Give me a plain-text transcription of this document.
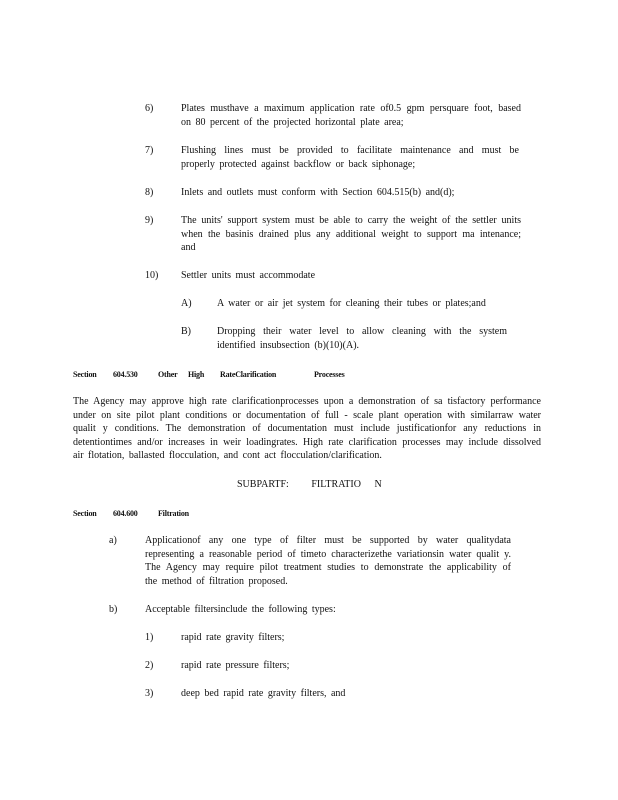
6)	Plates musthave a maximum application rate of0.5 gpm persquare foot, based on 80 percent of the projected horizontal plate area;
7)	Flushing lines must be provided to facilitate maintenance and must be properly protected against backflow or back siphonage;
8)	Inlets and outlets must conform with Section 604.515(b) and(d);
9)	The units' support system must be able to carry the weight of the settler units when the basinis drained plus any additional weight to support ma intenance; and
10) Settler units must accommodate
A)	A water or air jet system for cleaning their tubes or plates;and
B)	Dropping their water level to allow cleaning with the system identified insubsection (b)(10)(A).
Section 604.530	Other High RateClarification	Processes
The Agency may approve high rate clarificationprocesses upon a demonstration of sa tisfactory performance under on site pilot plant conditions or documentation of full - scale plant operation with similarraw water qualit y conditions. The demonstration of documentation must include justificationfor any reductions in detentiontimes and/or increases in weir loadingrates. High rate clarification processes may include dissolved air flotation, ballasted flocculation, and cont act flocculation/clarification.
SUBPARTF:     FILTRATIO   N
Section 604.600	Filtration
a)	Applicationof any one type of filter must be supported by water qualitydata representing a reasonable period of timeto characterizethe variationsin water qualit y. The Agency may require pilot treatment studies to demonstrate the applicability of the method of filtration proposed.
b)	Acceptable filtersinclude the following types:
1)	rapid rate gravity filters;
2)	rapid rate pressure filters;
3)	deep bed rapid rate gravity filters, and
